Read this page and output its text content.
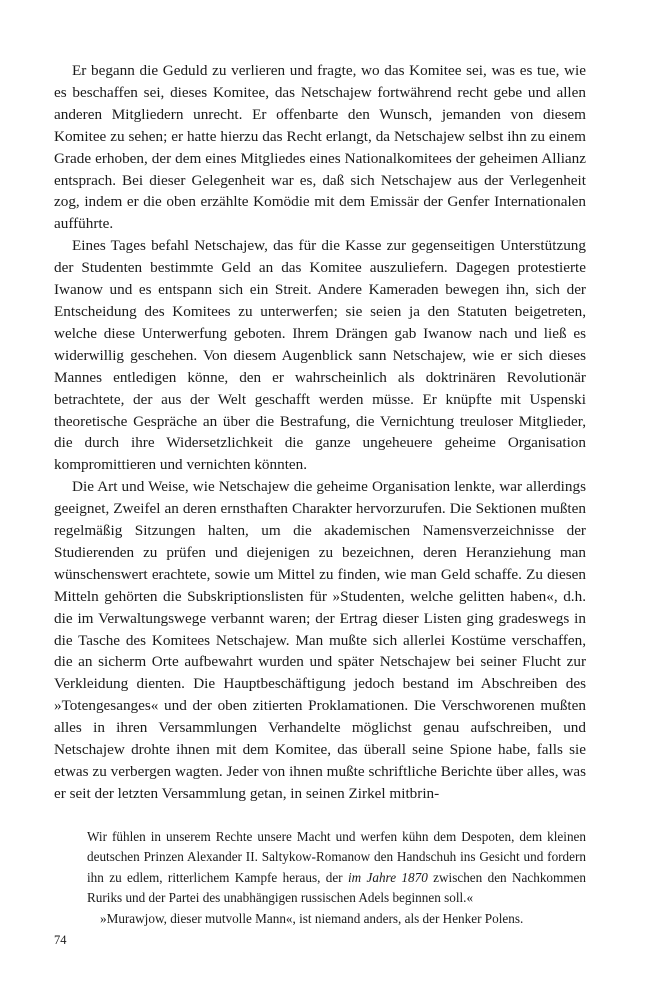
Er begann die Geduld zu verlieren und fragte, wo das Komitee sei, was es tue, wie es beschaffen sei, dieses Komitee, das Netschajew fortwährend recht gebe und allen anderen Mitgliedern unrecht. Er offenbarte den Wunsch, jemanden von diesem Komitee zu sehen; er hatte hierzu das Recht erlangt, da Netschajew selbst ihn zu einem Grade erhoben, der dem eines Mitgliedes eines Nationalkomitees der geheimen Allianz entsprach. Bei dieser Gelegenheit war es, daß sich Netschajew aus der Verlegenheit zog, indem er die oben erzählte Komödie mit dem Emissär der Genfer Internationalen aufführte.

Eines Tages befahl Netschajew, das für die Kasse zur gegenseitigen Unterstützung der Studenten bestimmte Geld an das Komitee auszuliefern. Dagegen protestierte Iwanow und es entspann sich ein Streit. Andere Kameraden bewegen ihn, sich der Entscheidung des Komitees zu unterwerfen; sie seien ja den Statuten beigetreten, welche diese Unterwerfung geboten. Ihrem Drängen gab Iwanow nach und ließ es widerwillig geschehen. Von diesem Augenblick sann Netschajew, wie er sich dieses Mannes entledigen könne, den er wahrscheinlich als doktrinären Revolutionär betrachtete, der aus der Welt geschafft werden müsse. Er knüpfte mit Uspenski theoretische Gespräche an über die Bestrafung, die Vernichtung treuloser Mitglieder, die durch ihre Widersetzlichkeit die ganze ungeheuere geheime Organisation kompromittieren und vernichten könnten.

Die Art und Weise, wie Netschajew die geheime Organisation lenkte, war allerdings geeignet, Zweifel an deren ernsthaften Charakter hervorzurufen. Die Sektionen mußten regelmäßig Sitzungen halten, um die akademischen Namensverzeichnisse der Studierenden zu prüfen und diejenigen zu bezeichnen, deren Heranziehung man wünschenswert erachtete, sowie um Mittel zu finden, wie man Geld schaffe. Zu diesen Mitteln gehörten die Subskriptionslisten für »Studenten, welche gelitten haben«, d.h. die im Verwaltungswege verbannt waren; der Ertrag dieser Listen ging gradeswegs in die Tasche des Komitees Netschajew. Man mußte sich allerlei Kostüme verschaffen, die an sicherm Orte aufbewahrt wurden und später Netschajew bei seiner Flucht zur Verkleidung dienten. Die Hauptbeschäftigung jedoch bestand im Abschreiben des »Totengesanges« und der oben zitierten Proklamationen. Die Verschworenen mußten alles in ihren Versammlungen Verhandelte möglichst genau aufschreiben, und Netschajew drohte ihnen mit dem Komitee, das überall seine Spione habe, falls sie etwas zu verbergen wagten. Jeder von ihnen mußte schriftliche Berichte über alles, was er seit der letzten Versammlung getan, in seinen Zirkel mitbrin-

Wir fühlen in unserem Rechte unsere Macht und werfen kühn dem Despoten, dem kleinen deutschen Prinzen Alexander II. Saltykow-Romanow den Handschuh ins Gesicht und fordern ihn zu edlem, ritterlichem Kampfe heraus, der im Jahre 1870 zwischen den Nachkommen Ruriks und der Partei des unabhängigen russischen Adels beginnen soll.«

»Murawjow, dieser mutvolle Mann«, ist niemand anders, als der Henker Polens.

74
